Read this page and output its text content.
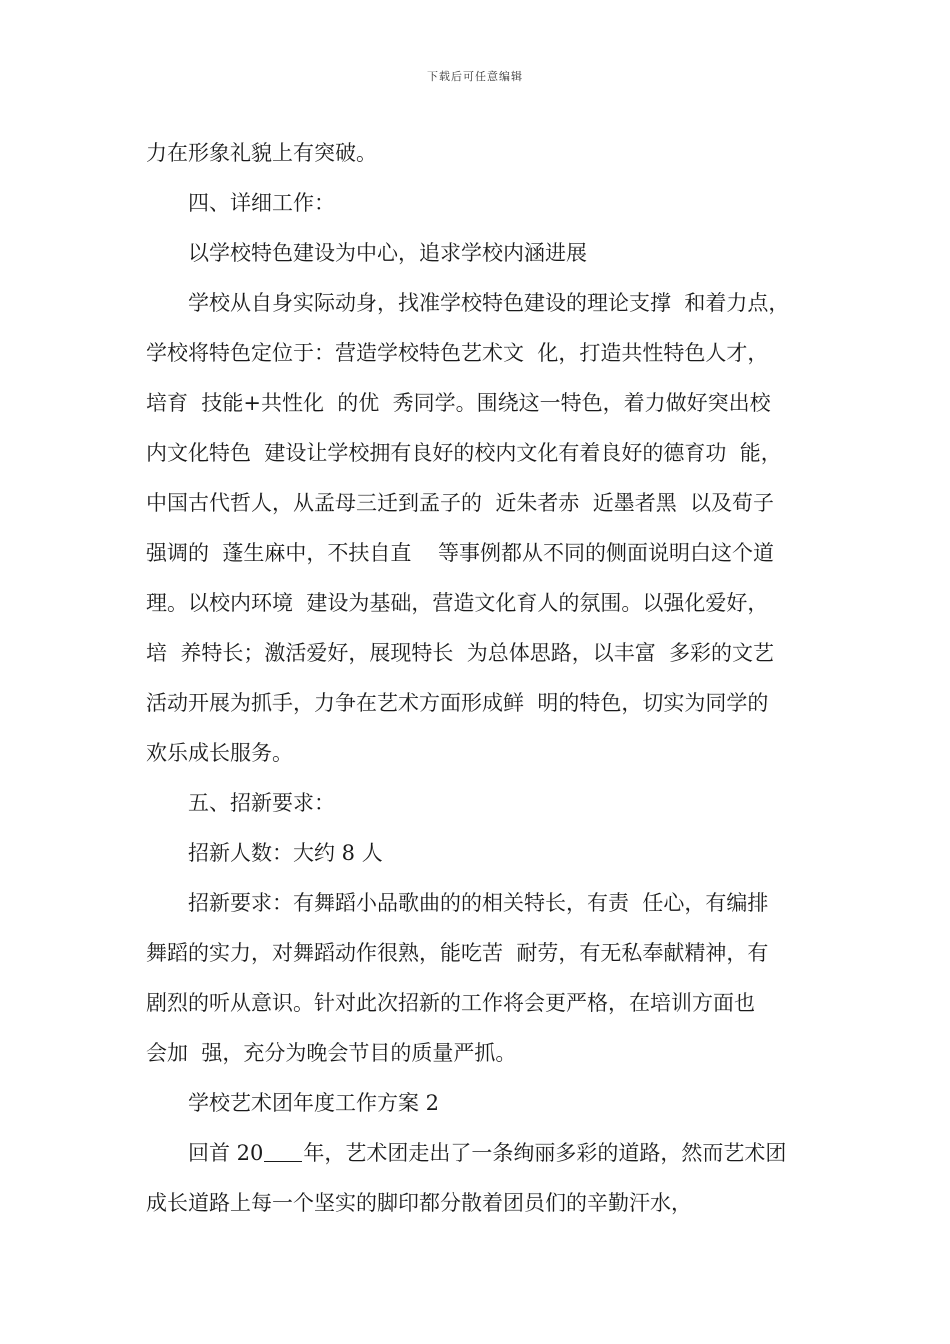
下载后可任意编辑
力在形象礼貌上有突破。
四、详细工作：
以学校特色建设为中心，追求学校内涵进展
学校从自身实际动身，找准学校特色建设的理论支撑  和着力点，
学校将特色定位于：营造学校特色艺术文  化，打造共性特色人才，
培育  技能+共性化  的优  秀同学。围绕这一特色，着力做好突出校
内文化特色  建设让学校拥有良好的校内文化有着良好的德育功  能，
中国古代哲人，从孟母三迁到孟子的  近朱者赤  近墨者黑  以及荀子
强调的  蓬生麻中，不扶自直    等事例都从不同的侧面说明白这个道
理。以校内环境  建设为基础，营造文化育人的氛围。以强化爱好，
培  养特长；激活爱好，展现特长  为总体思路，以丰富  多彩的文艺
活动开展为抓手，力争在艺术方面形成鲜  明的特色，切实为同学的
欢乐成长服务。
五、招新要求：
招新人数：大约 8 人
招新要求：有舞蹈小品歌曲的的相关特长，有责  任心，有编排
舞蹈的实力，对舞蹈动作很熟，能吃苦  耐劳，有无私奉献精神，有
剧烈的听从意识。针对此次招新的工作将会更严格，在培训方面也
会加  强，充分为晚会节目的质量严抓。
学校艺术团年度工作方案 2
回首 20 年，艺术团走出了一条绚丽多彩的道路，然而艺术团
成长道路上每一个坚实的脚印都分散着团员们的辛勤汗水，
